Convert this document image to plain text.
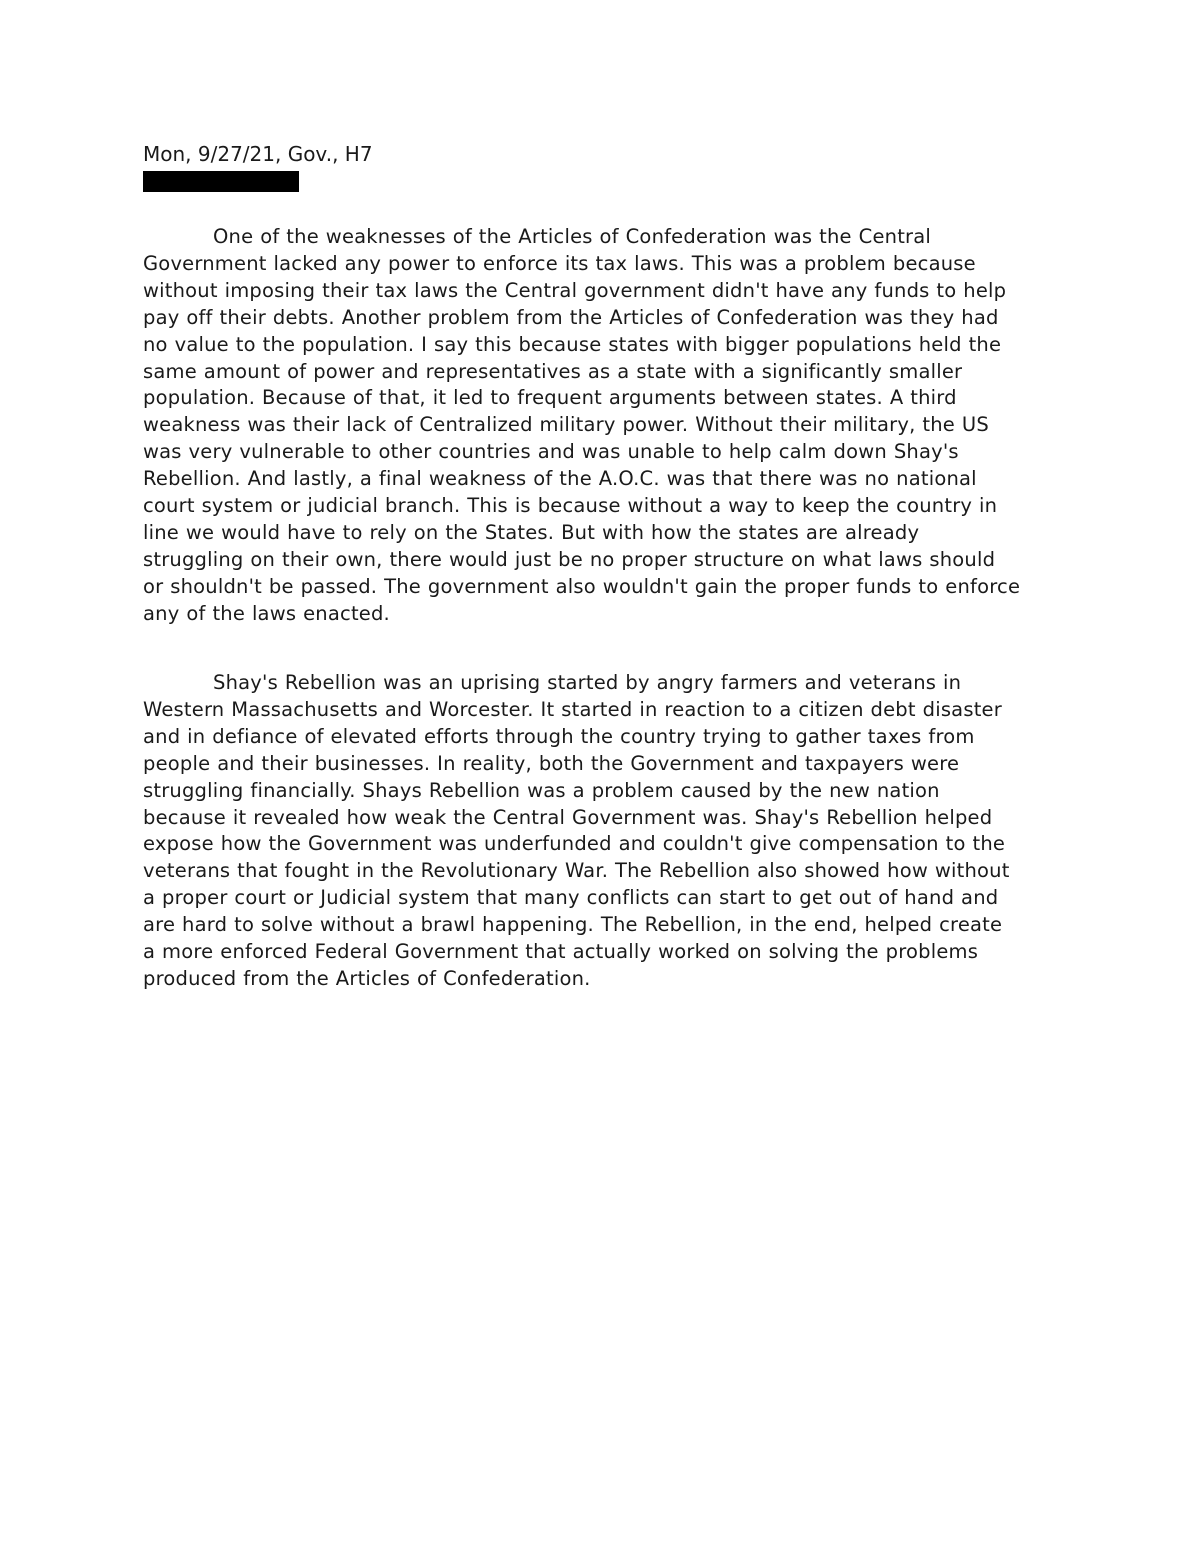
Mon, 9/27/21, Gov., H7

One of the weaknesses of the Articles of Confederation was the Central
Government lacked any power to enforce its tax laws. This was a problem because
without imposing their tax laws the Central government didn't have any funds to help
pay off their debts. Another problem from the Articles of Confederation was they had
no value to the population. I say this because states with bigger populations held the
same amount of power and representatives as a state with a significantly smaller
population. Because of that, it led to frequent arguments between states. A third
weakness was their lack of Centralized military power. Without their military, the US
was very vulnerable to other countries and was unable to help calm down Shay's
Rebellion. And lastly, a final weakness of the A.O.C. was that there was no national
court system or judicial branch. This is because without a way to keep the country in
line we would have to rely on the States. But with how the states are already
struggling on their own, there would just be no proper structure on what laws should
or shouldn't be passed. The government also wouldn't gain the proper funds to enforce
any of the laws enacted.

Shay's Rebellion was an uprising started by angry farmers and veterans in
Western Massachusetts and Worcester. It started in reaction to a citizen debt disaster
and in defiance of elevated efforts through the country trying to gather taxes from
people and their businesses. In reality, both the Government and taxpayers were
struggling financially. Shays Rebellion was a problem caused by the new nation
because it revealed how weak the Central Government was. Shay's Rebellion helped
expose how the Government was underfunded and couldn't give compensation to the
veterans that fought in the Revolutionary War. The Rebellion also showed how without
a proper court or Judicial system that many conflicts can start to get out of hand and
are hard to solve without a brawl happening. The Rebellion, in the end, helped create
a more enforced Federal Government that actually worked on solving the problems
produced from the Articles of Confederation.
